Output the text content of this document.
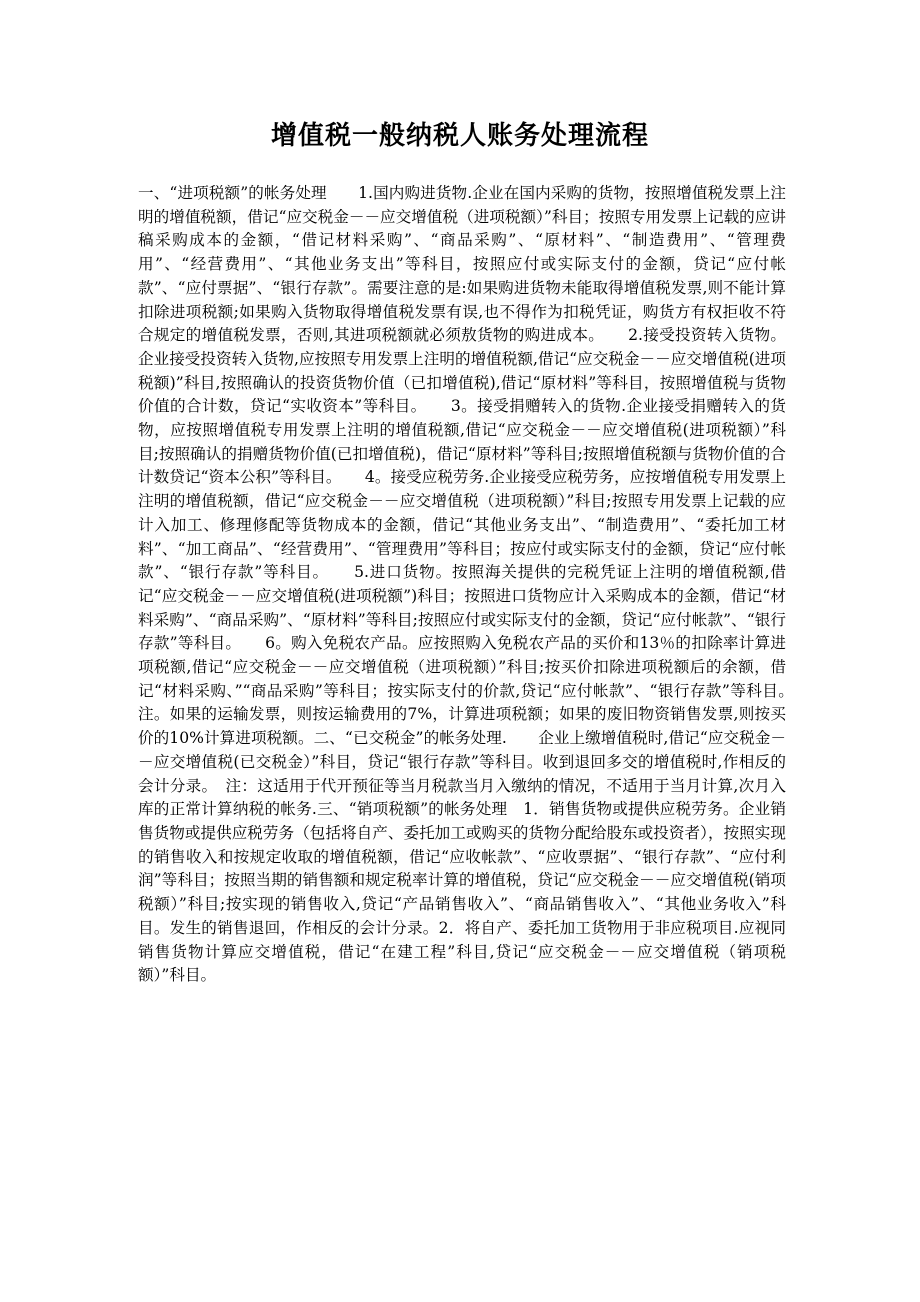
增值税一般纳税人账务处理流程
一、“进项税额”的帐务处理　　1.国内购进货物.企业在国内采购的货物，按照增值税发票上注明的增值税额，借记“应交税金－－应交增值税（进项税额）”科目；按照专用发票上记载的应讲稿采购成本的金额，“借记材料采购”、“商品采购”、“原材料”、“制造费用”、“管理费用”、“经营费用”、“其他业务支出”等科目，按照应付或实际支付的金额，贷记“应付帐款”、“应付票据”、“银行存款”。需要注意的是:如果购进货物未能取得增值税发票,则不能计算扣除进项税额;如果购入货物取得增值税发票有误,也不得作为扣税凭证，购货方有权拒收不符合规定的增值税发票，否则,其进项税额就必须敖货物的购进成本。　　2.接受投资转入货物。企业接受投资转入货物,应按照专用发票上注明的增值税额,借记“应交税金－－应交增值税(进项税额)”科目,按照确认的投资货物价值（已扣增值税),借记“原材料”等科目，按照增值税与货物价值的合计数，贷记“实收资本”等科目。　　3。接受捐赠转入的货物.企业接受捐赠转入的货物，应按照增值税专用发票上注明的增值税额,借记“应交税金－－应交增值税(进项税额）”科目;按照确认的捐赠货物价值(已扣增值税)，借记“原材料”等科目;按照增值税额与货物价值的合计数贷记“资本公积”等科目。　　4。接受应税劳务.企业接受应税劳务，应按增值税专用发票上注明的增值税额，借记“应交税金－－应交增值税（进项税额）”科目;按照专用发票上记载的应计入加工、修理修配等货物成本的金额，借记“其他业务支出”、“制造费用”、“委托加工材料”、“加工商品”、“经营费用”、“管理费用”等科目；按应付或实际支付的金额，贷记“应付帐款”、“银行存款”等科目。　　5.进口货物。按照海关提供的完税凭证上注明的增值税额,借记“应交税金－－应交增值税(进项税额”)科目；按照进口货物应计入采购成本的金额，借记“材料采购”、“商品采购”、“原材料”等科目;按照应付或实际支付的金额，贷记“应付帐款”、“银行存款”等科目。　　6。购入免税农产品。应按照购入免税农产品的买价和13％的扣除率计算进项税额,借记“应交税金－－应交增值税（进项税额）”科目;按买价扣除进项税额后的余额，借记“材料采购、”“商品采购”等科目；按实际支付的价款,贷记“应付帐款”、“银行存款”等科目。　　注。如果的运输发票，则按运输费用的7%，计算进项税额；如果的废旧物资销售发票,则按买价的10%计算进项税额。二、“已交税金”的帐务处理.　　企业上缴增值税时,借记“应交税金－－应交增值税(已交税金）”科目，贷记“银行存款”等科目。收到退回多交的增值税时,作相反的会计分录。　注：这适用于代开预征等当月税款当月入缴纳的情况，不适用于当月计算,次月入库的正常计算纳税的帐务.三、“销项税额”的帐务处理　1．销售货物或提供应税劳务。企业销售货物或提供应税劳务（包括将自产、委托加工或购买的货物分配给股东或投资者），按照实现的销售收入和按规定收取的增值税额，借记“应收帐款”、“应收票据”、“银行存款”、“应付利润”等科目；按照当期的销售额和规定税率计算的增值税，贷记“应交税金－－应交增值税(销项税额）”科目;按实现的销售收入,贷记“产品销售收入”、“商品销售收入”、“其他业务收入”科目。发生的销售退回，作相反的会计分录。2．将自产、委托加工货物用于非应税项目.应视同销售货物计算应交增值税，借记“在建工程”科目,贷记“应交税金－－应交增值税（销项税额）”科目。
